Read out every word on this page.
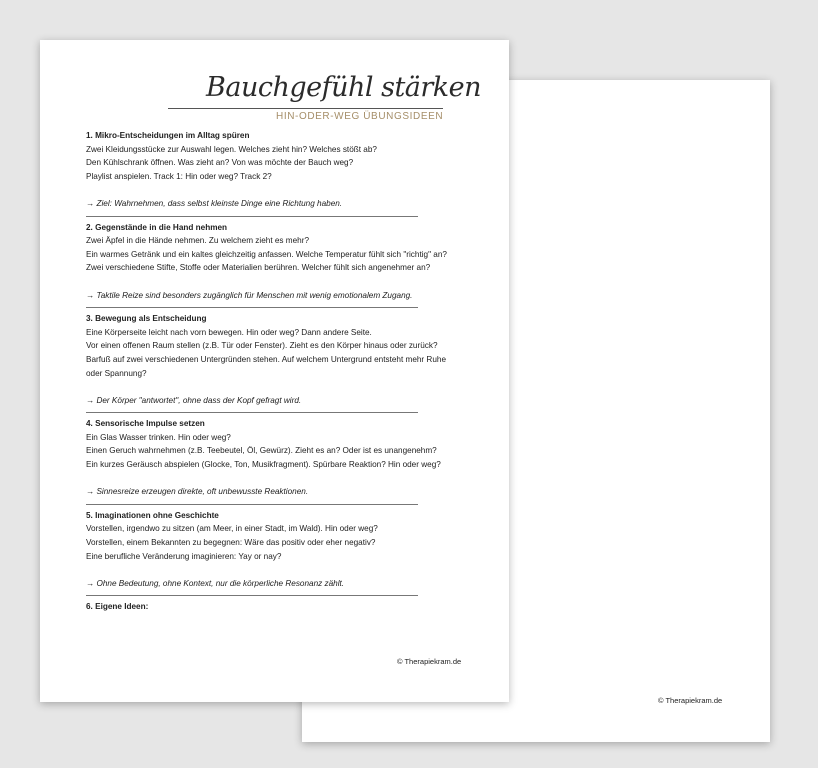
© Therapiekram.de
Bauchgefühl stärken
HIN-ODER-WEG ÜBUNGSIDEEN
1. Mikro-Entscheidungen im Alltag spüren
Zwei Kleidungsstücke zur Auswahl legen. Welches zieht hin? Welches stößt ab?
Den Kühlschrank öffnen. Was zieht an? Von was möchte der Bauch weg?
Playlist anspielen. Track 1: Hin oder weg? Track 2?
→ Ziel: Wahrnehmen, dass selbst kleinste Dinge eine Richtung haben.
2. Gegenstände in die Hand nehmen
Zwei Äpfel in die Hände nehmen. Zu welchem zieht es mehr?
Ein warmes Getränk und ein kaltes gleichzeitig anfassen. Welche Temperatur fühlt sich "richtig" an?
Zwei verschiedene Stifte, Stoffe oder Materialien berühren. Welcher fühlt sich angenehmer an?
→ Taktile Reize sind besonders zugänglich für Menschen mit wenig emotionalem Zugang.
3. Bewegung als Entscheidung
Eine Körperseite leicht nach vorn bewegen. Hin oder weg? Dann andere Seite.
Vor einen offenen Raum stellen (z.B. Tür oder Fenster). Zieht es den Körper hinaus oder zurück?
Barfuß auf zwei verschiedenen Untergründen stehen. Auf welchem Untergrund entsteht mehr Ruhe
oder Spannung?
→ Der Körper "antwortet", ohne dass der Kopf gefragt wird.
4. Sensorische Impulse setzen
Ein Glas Wasser trinken. Hin oder weg?
Einen Geruch wahrnehmen (z.B. Teebeutel, Öl, Gewürz). Zieht es an? Oder ist es unangenehm?
Ein kurzes Geräusch abspielen (Glocke, Ton, Musikfragment). Spürbare Reaktion? Hin oder weg?
→ Sinnesreize erzeugen direkte, oft unbewusste Reaktionen.
5. Imaginationen ohne Geschichte
Vorstellen, irgendwo zu sitzen (am Meer, in einer Stadt, im Wald). Hin oder weg?
Vorstellen, einem Bekannten zu begegnen: Wäre das positiv oder eher negativ?
Eine berufliche Veränderung imaginieren: Yay or nay?
→ Ohne Bedeutung, ohne Kontext, nur die körperliche Resonanz zählt.
6. Eigene Ideen:
© Therapiekram.de
